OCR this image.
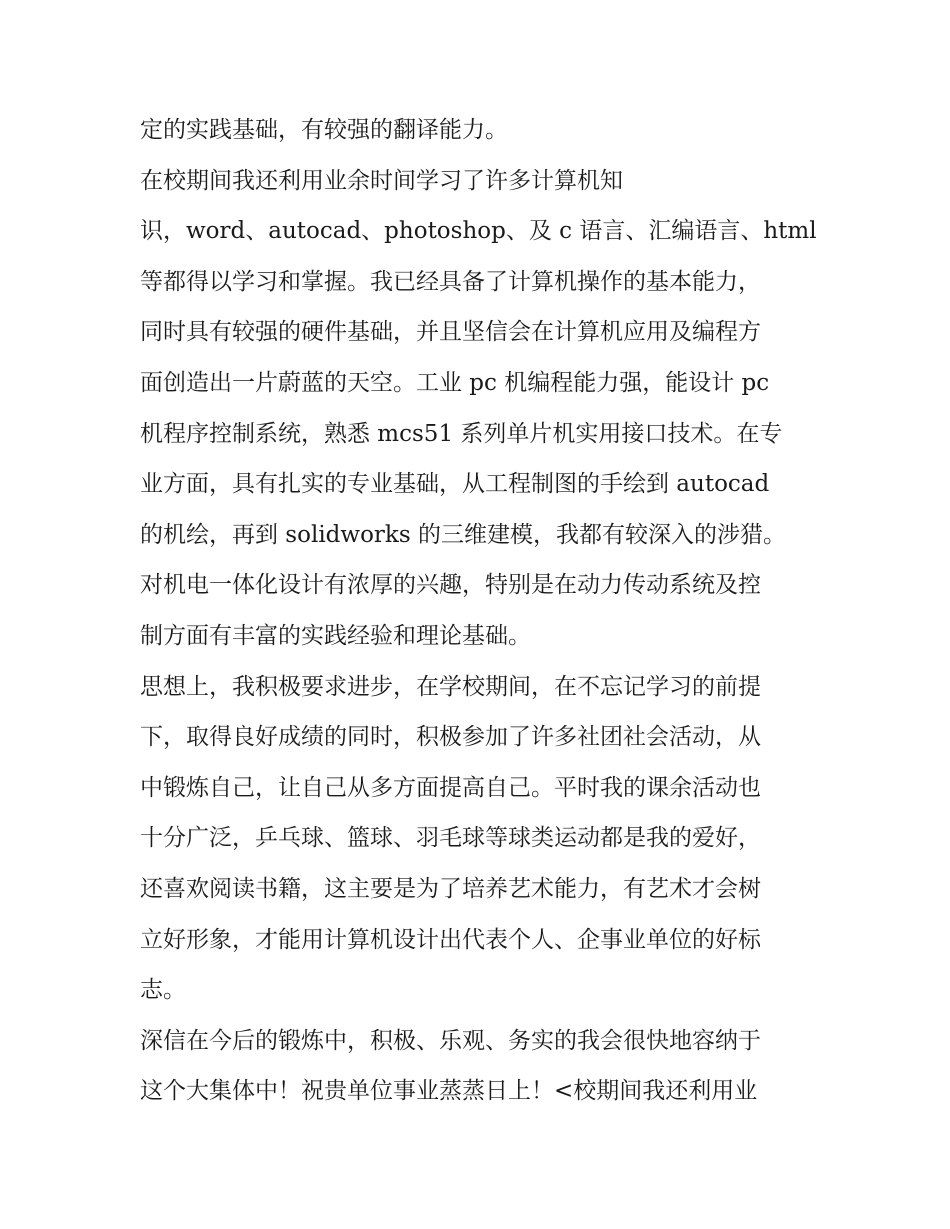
定的实践基础，有较强的翻译能力。
在校期间我还利用业余时间学习了许多计算机知
识，word、autocad、photoshop、及 c 语言、汇编语言、html
等都得以学习和掌握。我已经具备了计算机操作的基本能力，
同时具有较强的硬件基础，并且坚信会在计算机应用及编程方
面创造出一片蔚蓝的天空。工业 pc 机编程能力强，能设计 pc
机程序控制系统，熟悉 mcs51 系列单片机实用接口技术。在专
业方面，具有扎实的专业基础，从工程制图的手绘到 autocad
的机绘，再到 solidworks 的三维建模，我都有较深入的涉猎。
对机电一体化设计有浓厚的兴趣，特别是在动力传动系统及控
制方面有丰富的实践经验和理论基础。
思想上，我积极要求进步，在学校期间，在不忘记学习的前提
下，取得良好成绩的同时，积极参加了许多社团社会活动，从
中锻炼自己，让自己从多方面提高自己。平时我的课余活动也
十分广泛，乒乓球、篮球、羽毛球等球类运动都是我的爱好，
还喜欢阅读书籍，这主要是为了培养艺术能力，有艺术才会树
立好形象，才能用计算机设计出代表个人、企事业单位的好标
志。
深信在今后的锻炼中，积极、乐观、务实的我会很快地容纳于
这个大集体中！祝贵单位事业蒸蒸日上！<校期间我还利用业
